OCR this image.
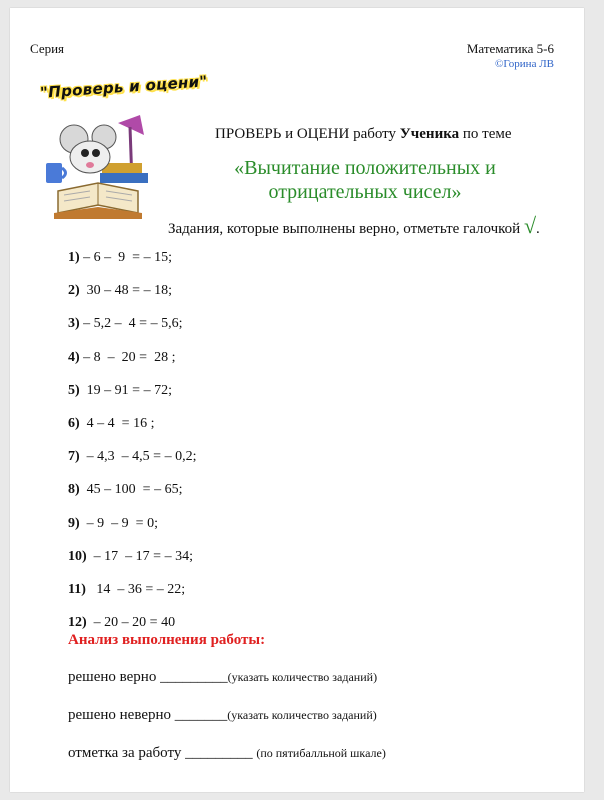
Серия	Математика 5-6
©Горина ЛВ
"Проверь и оцени"
ПРОВЕРЬ и ОЦЕНИ работу Ученика по теме
«Вычитание положительных и
отрицательных чисел»
Задания, которые выполнены верно, отметьте галочкой √.
1) – 6 –  9  = – 15;
2)  30 – 48 = – 18;
3) – 5,2 –  4 = – 5,6;
4) – 8  –  20 =  28 ;
5)  19 – 91 = – 72;
6)  4 – 4  = 16 ;
7)  – 4,3  – 4,5 = – 0,2;
8)  45 – 100  = – 65;
9)  – 9  – 9  = 0;
10)  – 17  – 17 = – 34;
11)   14  – 36 = – 22;
12)  – 20 – 20 = 40
Анализ выполнения работы:
решено верно _________(указать количество заданий)
решено неверно _______(указать количество заданий)
отметка за работу _________ (по пятибалльной шкале)
